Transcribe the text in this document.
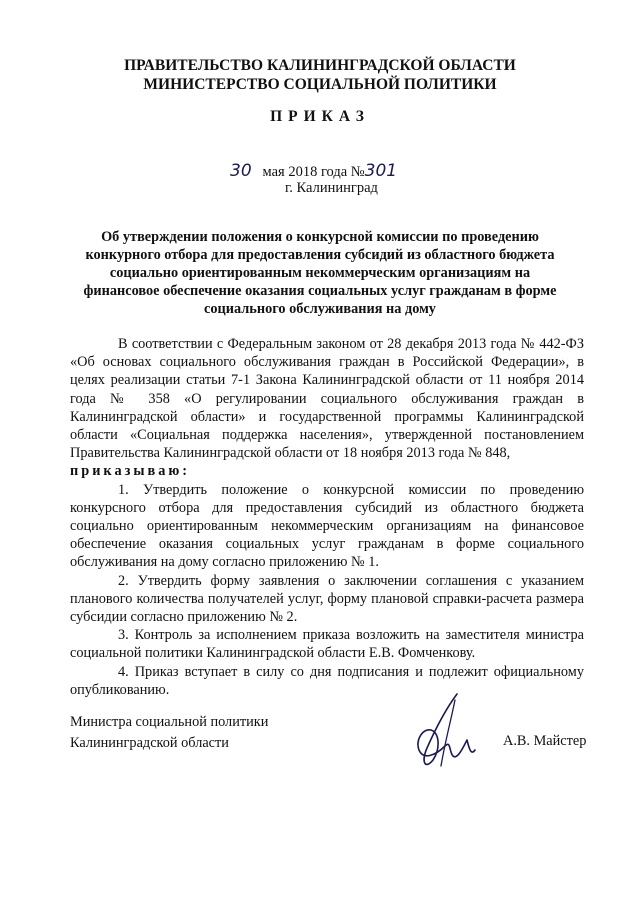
ПРАВИТЕЛЬСТВО КАЛИНИНГРАДСКОЙ ОБЛАСТИ
МИНИСТЕРСТВО СОЦИАЛЬНОЙ ПОЛИТИКИ
ПРИКАЗ
30 мая 2018 года №301
г. Калининград
Об утверждении положения о конкурсной комиссии по проведению
конкурного отбора для предоставления субсидий из областного бюджета
социально ориентированным некоммерческим организациям на
финансовое обеспечение оказания социальных услуг гражданам в форме
социального обслуживания на дому

В соответствии с Федеральным законом от 28 декабря 2013 года № 442-ФЗ «Об основах социального обслуживания граждан в Российской Федерации», в целях реализации статьи 7-1 Закона Калининградской области от 11 ноября 2014 года № 358 «О регулировании социального обслуживания граждан в Калининградской области» и государственной программы Калининградской области «Социальная поддержка населения», утвержденной постановлением Правительства Калининградской области от 18 ноября 2013 года № 848,

приказываю:

1. Утвердить положение о конкурсной комиссии по проведению конкурсного отбора для предоставления субсидий из областного бюджета социально ориентированным некоммерческим организациям на финансовое обеспечение оказания социальных услуг гражданам в форме социального обслуживания на дому согласно приложению № 1.

2. Утвердить форму заявления о заключении соглашения с указанием планового количества получателей услуг, форму плановой справки-расчета размера субсидии согласно приложению № 2.

3. Контроль за исполнением приказа возложить на заместителя министра социальной политики Калининградской области Е.В. Фомченкову.

4. Приказ вступает в силу со дня подписания и подлежит официальному опубликованию.

Министра социальной политики
Калининградской области	А.В. Майстер
